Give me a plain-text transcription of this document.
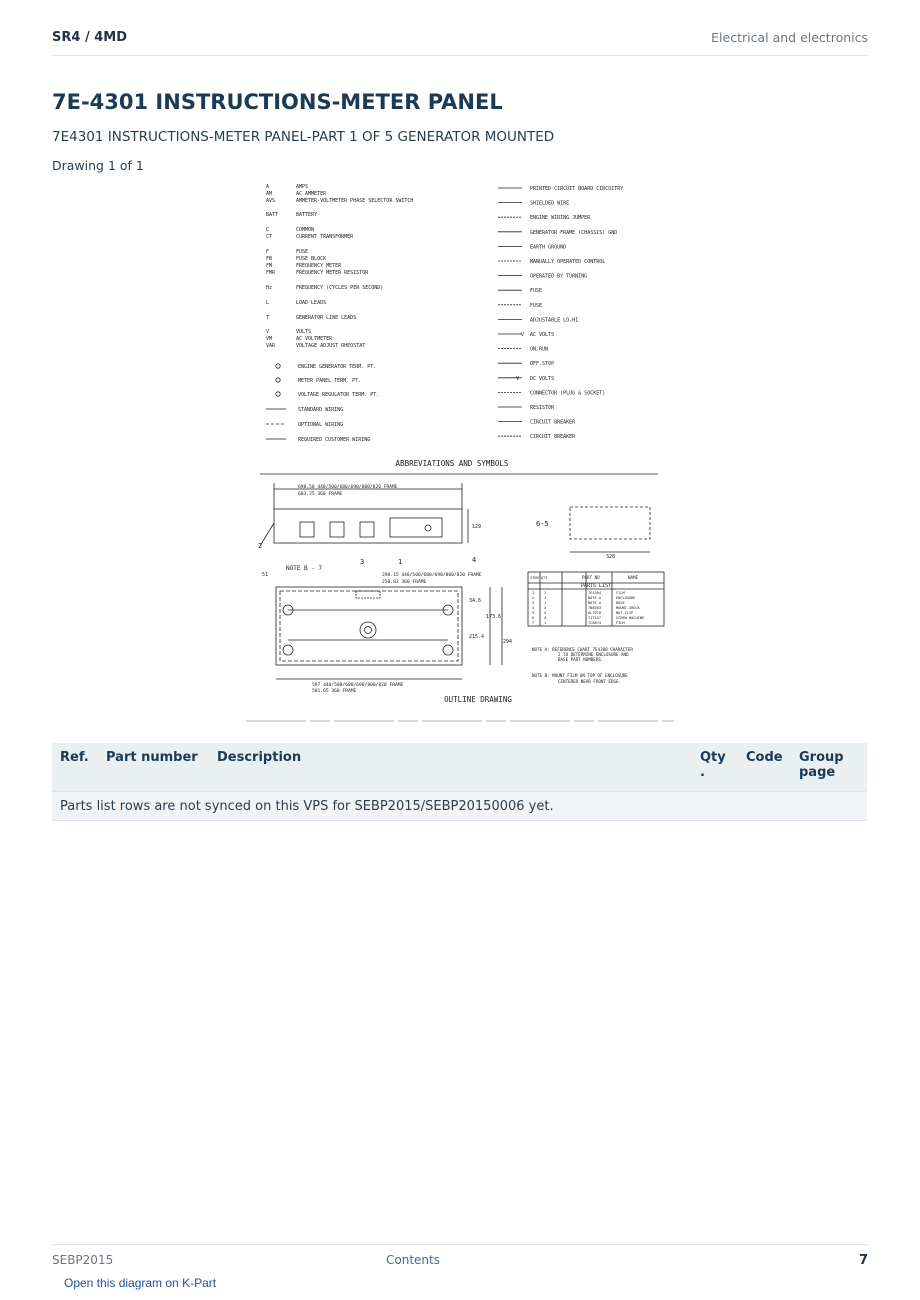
SR4 / 4MD	Electrical and electronics
7E-4301 INSTRUCTIONS-METER PANEL
7E4301 INSTRUCTIONS-METER PANEL-PART 1 OF 5 GENERATOR MOUNTED
Drawing 1 of 1
A	AMPS
AM	AC AMMETER
AVS	AMMETER-VOLTMETER PHASE SELECTOR SWITCH
BATT	BATTERY
C	COMMON
CT	CURRENT TRANSFORMER
F	FUSE
FB	FUSE BLOCK
FM	FREQUENCY METER
FMR	FREQUENCY METER RESISTOR
Hz	FREQUENCY (CYCLES PER SECOND)
L	LOAD LEADS
T	GENERATOR LINE LEADS
V	VOLTS
VM	AC VOLTMETER
VAR	VOLTAGE ADJUST RHEOSTAT
ENGINE GENERATOR TERM. PT.
METER PANEL TERM. PT.
VOLTAGE REGULATOR TERM. PT.
STANDARD WIRING
OPTIONAL WIRING
REQUIRED CUSTOMER WIRING
PRINTED CIRCUIT BOARD CIRCUITRY
SHIELDED WIRE
ENGINE WIRING JUMPER
GENERATOR FRAME (CHASSIS) GND
EARTH GROUND
MANUALLY OPERATED CONTROL
OPERATED BY TURNING
FUSE
FUSE
ADJUSTABLE LO-HI
AC VOLTS
ON.RUN
OFF.STOP
DC VOLTS
CONNECTOR (PLUG & SOCKET)
RESISTOR
CIRCUIT BREAKER
CIRCUIT BREAKER
V
V
ABBREVIATIONS AND SYMBOLS
OUTLINE DRAWING
698.50 440/500/680/690/800/820 FRAME
603.25 360 FRAME
129
298.15 440/500/680/690/800/820 FRAME
250.83 360 FRAME
51
34.6
173.6
215.4
294
597 440/500/680/690/800/820 FRAME
501.65 360 FRAME
328
2
3	1	4
6-5
NOTE B - 7
ITEM QTY	PART NO	NAME
PARTS LIST
1	1	7E4304	FILM
2	1	NOTE A	ENCLOSURE
3	1	NOTE A	BASE
4	4	7N8503	MOUNT-SHOCK
5	4	6L7078	NUT-CLIP
6	4	7J7157	SCREW-MACHINE
7	1	7C8674	FILM
NOTE A: REFERENCE CHART 7E4300 CHARACTER
2 TO DETERMINE ENCLOSURE AND
BASE PART NUMBERS.
NOTE B: MOUNT FILM ON TOP OF ENCLOSURE
CENTERED NEAR FRONT EDGE.
Ref.	Part number	Description	Qty .	Code	Group page
Parts list rows are not synced on this VPS for SEBP2015/SEBP20150006 yet.
SEBP2015	Contents	7
Open this diagram on K-Part
